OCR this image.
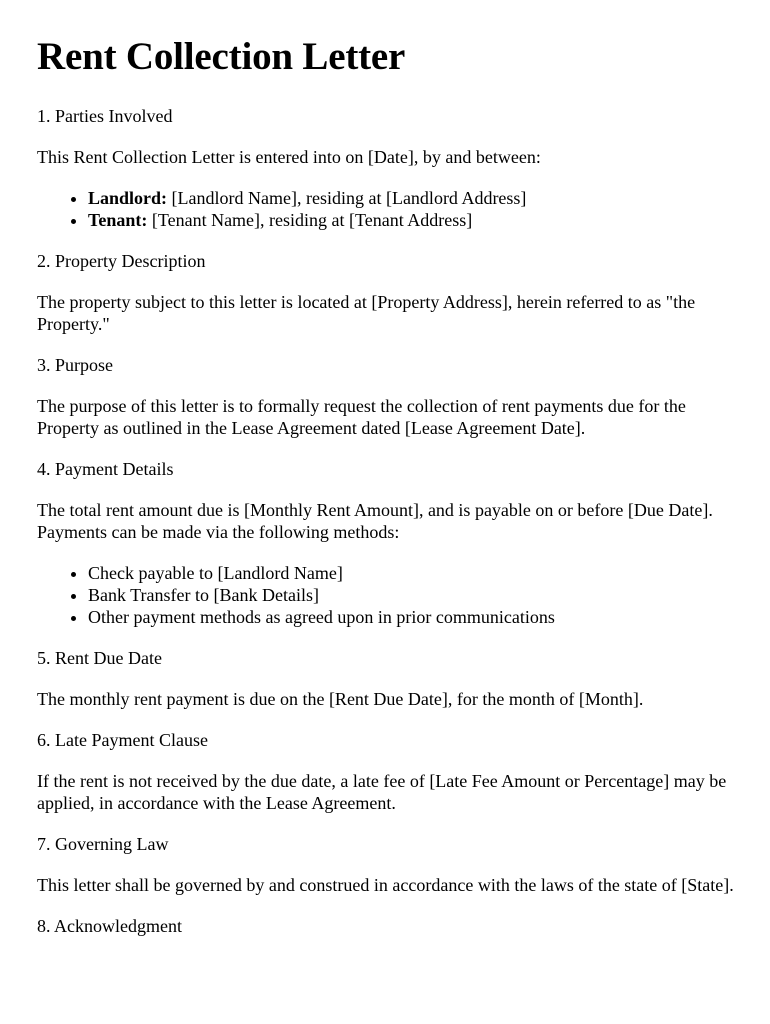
Rent Collection Letter

1. Parties Involved

This Rent Collection Letter is entered into on [Date], by and between:

• Landlord: [Landlord Name], residing at [Landlord Address]
• Tenant: [Tenant Name], residing at [Tenant Address]

2. Property Description

The property subject to this letter is located at [Property Address], herein referred to as "the Property."

3. Purpose

The purpose of this letter is to formally request the collection of rent payments due for the Property as outlined in the Lease Agreement dated [Lease Agreement Date].

4. Payment Details

The total rent amount due is [Monthly Rent Amount], and is payable on or before [Due Date]. Payments can be made via the following methods:

• Check payable to [Landlord Name]
• Bank Transfer to [Bank Details]
• Other payment methods as agreed upon in prior communications

5. Rent Due Date

The monthly rent payment is due on the [Rent Due Date], for the month of [Month].

6. Late Payment Clause

If the rent is not received by the due date, a late fee of [Late Fee Amount or Percentage] may be applied, in accordance with the Lease Agreement.

7. Governing Law

This letter shall be governed by and construed in accordance with the laws of the state of [State].

8. Acknowledgment
